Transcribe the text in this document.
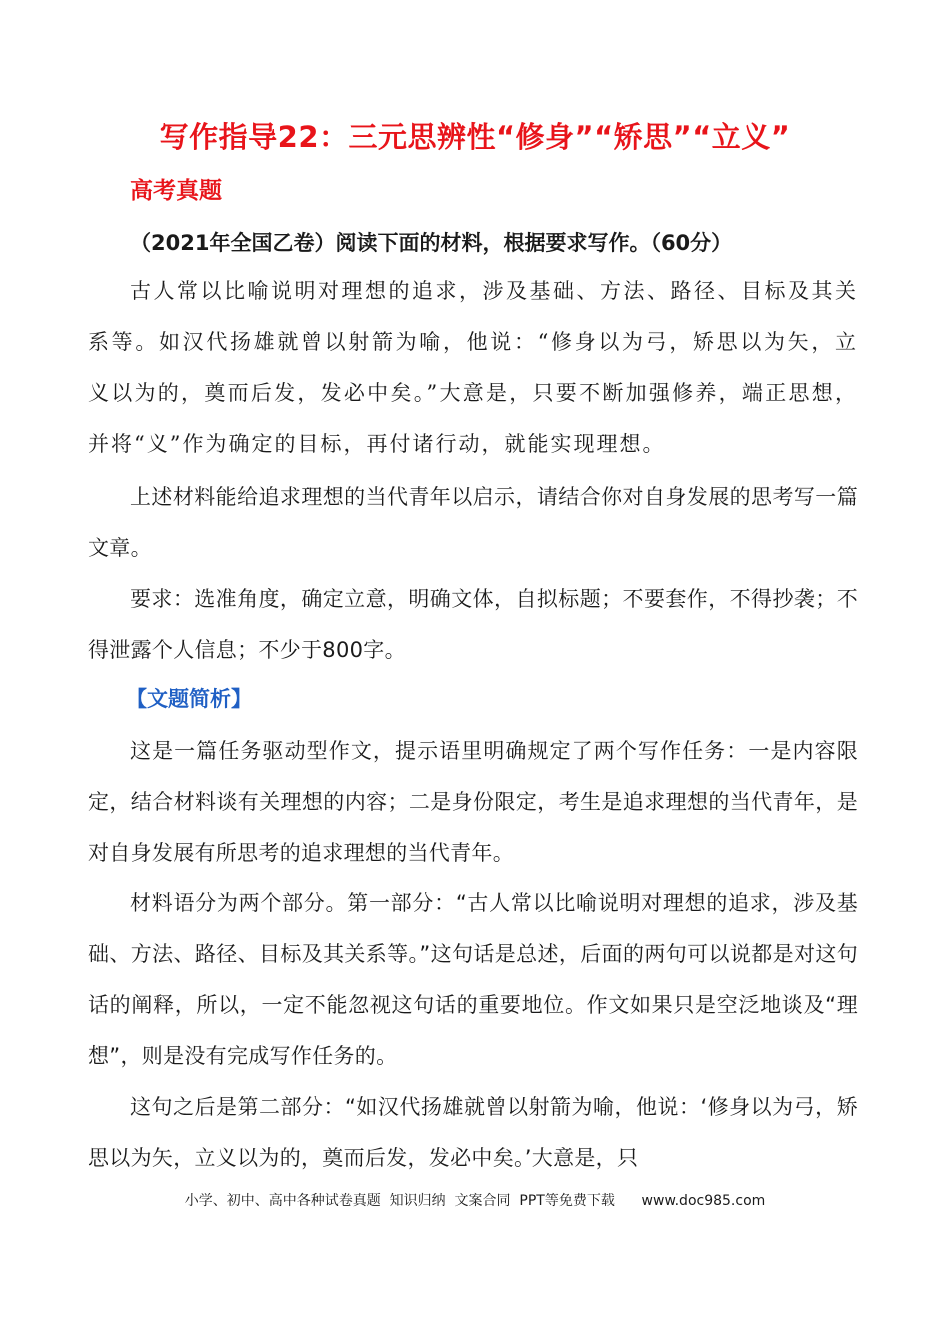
写作指导22：三元思辨性“修身”“矫思”“立义”
高考真题
（2021年全国乙卷）阅读下面的材料，根据要求写作。（60分）

古人常以比喻说明对理想的追求，涉及基础、方法、路径、目标及其关系等。如汉代扬雄就曾以射箭为喻，他说：“修身以为弓，矫思以为矢，立义以为的，奠而后发，发必中矣。”大意是，只要不断加强修养，端正思想，并将“义”作为确定的目标，再付诸行动，就能实现理想。

上述材料能给追求理想的当代青年以启示，请结合你对自身发展的思考写一篇文章。

要求：选准角度，确定立意，明确文体，自拟标题；不要套作，不得抄袭；不得泄露个人信息；不少于800字。

【文题简析】

这是一篇任务驱动型作文，提示语里明确规定了两个写作任务：一是内容限定，结合材料谈有关理想的内容；二是身份限定，考生是追求理想的当代青年，是对自身发展有所思考的追求理想的当代青年。

材料语分为两个部分。第一部分：“古人常以比喻说明对理想的追求，涉及基础、方法、路径、目标及其关系等。”这句话是总述，后面的两句可以说都是对这句话的阐释，所以，一定不能忽视这句话的重要地位。作文如果只是空泛地谈及“理想”，则是没有完成写作任务的。

这句之后是第二部分：“如汉代扬雄就曾以射箭为喻，他说：‘修身以为弓，矫思以为矢，立义以为的，奠而后发，发必中矣。’大意是，只

小学、初中、高中各种试卷真题  知识归纳  文案合同  PPT等免费下载      www.doc985.com
